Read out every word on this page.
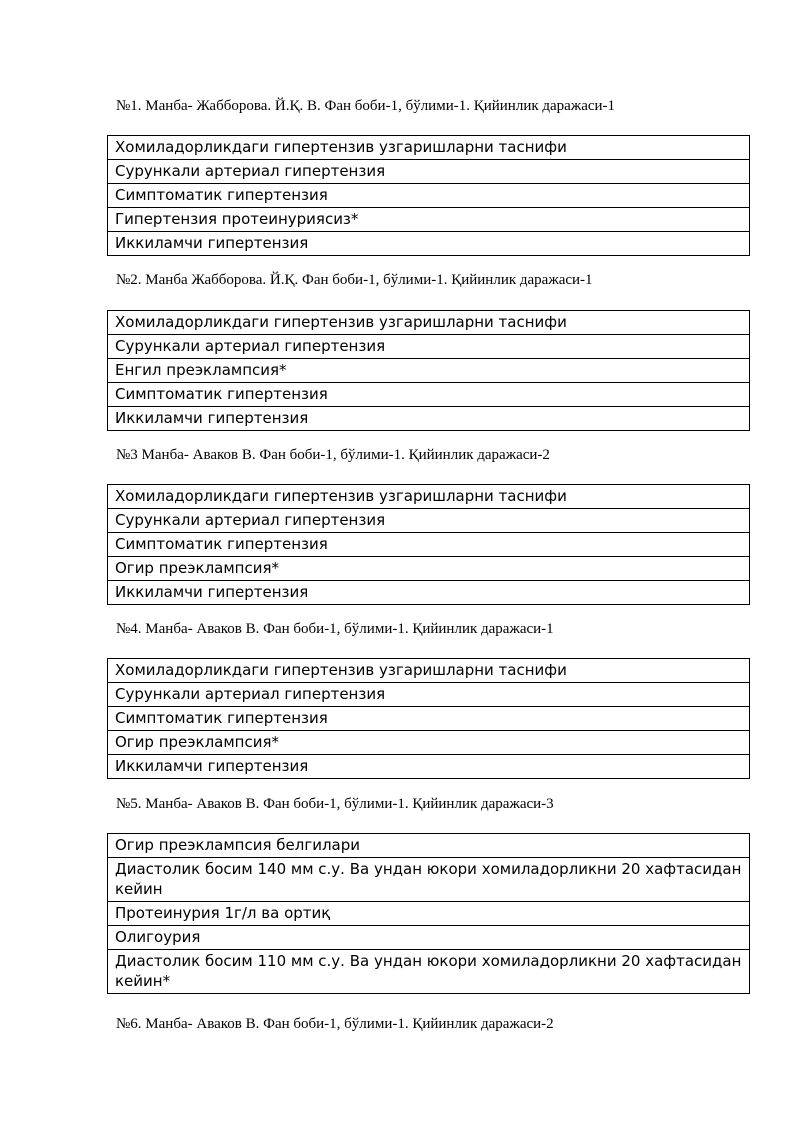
№1. Манба- Жабборова. Й.Қ. В. Фан боби-1, бўлими-1. Қийинлик даражаси-1
Хомиладорликдаги гипертензив узгаришларни таснифи
Сурункали артериал гипертензия
Симптоматик гипертензия
Гипертензия протеинуриясиз*
Иккиламчи гипертензия
№2. Манба Жабборова. Й.Қ. Фан боби-1, бўлими-1. Қийинлик даражаси-1
Хомиладорликдаги гипертензив узгаришларни таснифи
Сурункали артериал гипертензия
Енгил преэклампсия*
Симптоматик гипертензия
Иккиламчи гипертензия
№3 Манба- Аваков В. Фан боби-1, бўлими-1. Қийинлик даражаси-2
Хомиладорликдаги гипертензив узгаришларни таснифи
Сурункали артериал гипертензия
Симптоматик гипертензия
Огир преэклампсия*
Иккиламчи гипертензия
№4. Манба- Аваков В. Фан боби-1, бўлими-1. Қийинлик даражаси-1
Хомиладорликдаги гипертензив узгаришларни таснифи
Сурункали артериал гипертензия
Симптоматик гипертензия
Огир преэклампсия*
Иккиламчи гипертензия
№5. Манба- Аваков В. Фан боби-1, бўлими-1. Қийинлик даражаси-3
Огир преэклампсия белгилари
Диастолик босим 140 мм с.у. Ва ундан юкори хомиладорликни 20 хафтасидан кейин
Протеинурия 1г/л ва ортиқ
Олигоурия
Диастолик босим 110 мм с.у. Ва ундан юкори хомиладорликни 20 хафтасидан кейин*
№6. Манба- Аваков В. Фан боби-1, бўлими-1. Қийинлик даражаси-2
